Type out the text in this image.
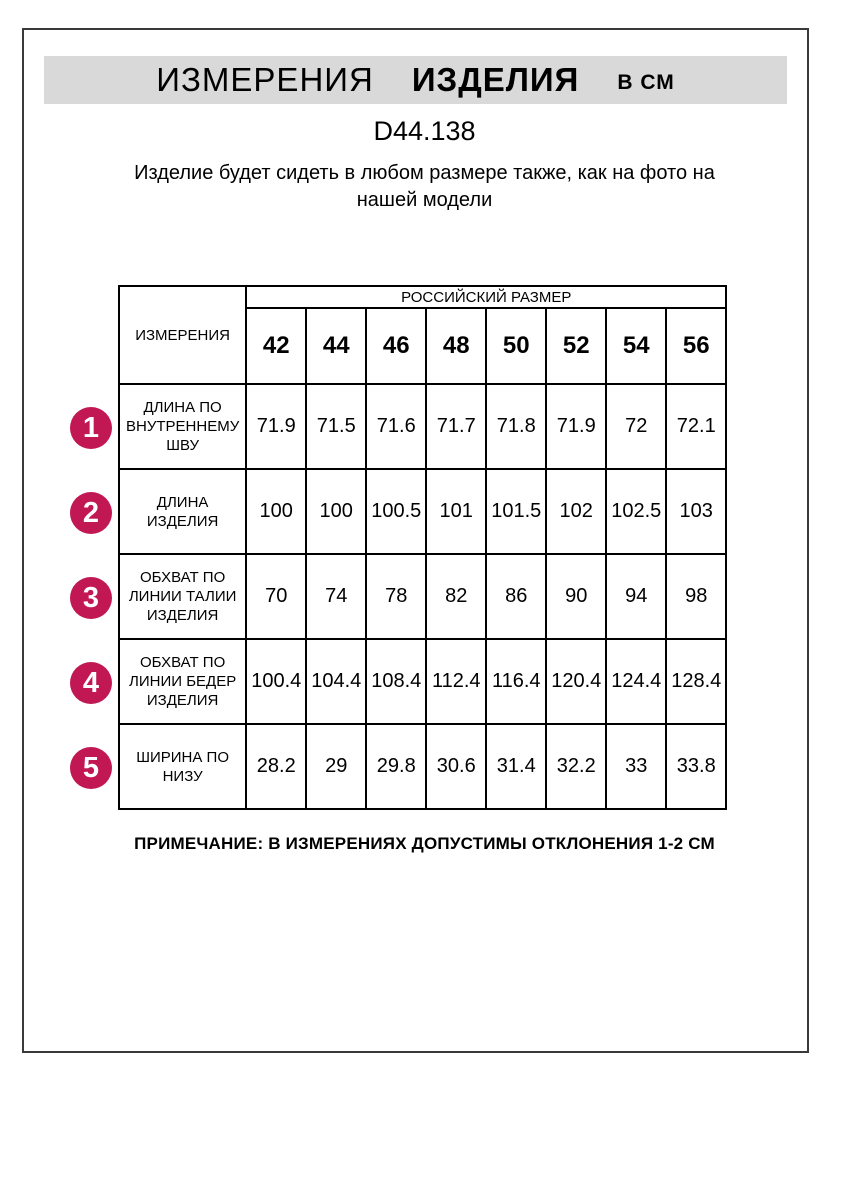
ИЗМЕРЕНИЯ ИЗДЕЛИЯ В СМ
D44.138
Изделие будет сидеть в любом размере также, как на фото на нашей модели
ИЗМЕРЕНИЯ	РОССИЙСКИЙ РАЗМЕР							
	42	44	46	48	50	52	54	56
ДЛИНА ПО ВНУТРЕННЕМУ ШВУ	71.9	71.5	71.6	71.7	71.8	71.9	72	72.1
ДЛИНА ИЗДЕЛИЯ	100	100	100.5	101	101.5	102	102.5	103
ОБХВАТ ПО ЛИНИИ ТАЛИИ ИЗДЕЛИЯ	70	74	78	82	86	90	94	98
ОБХВАТ ПО ЛИНИИ БЕДЕР ИЗДЕЛИЯ	100.4	104.4	108.4	112.4	116.4	120.4	124.4	128.4
ШИРИНА ПО НИЗУ	28.2	29	29.8	30.6	31.4	32.2	33	33.8
1
2
3
4
5
ПРИМЕЧАНИЕ: В ИЗМЕРЕНИЯХ ДОПУСТИМЫ ОТКЛОНЕНИЯ 1-2 СМ
